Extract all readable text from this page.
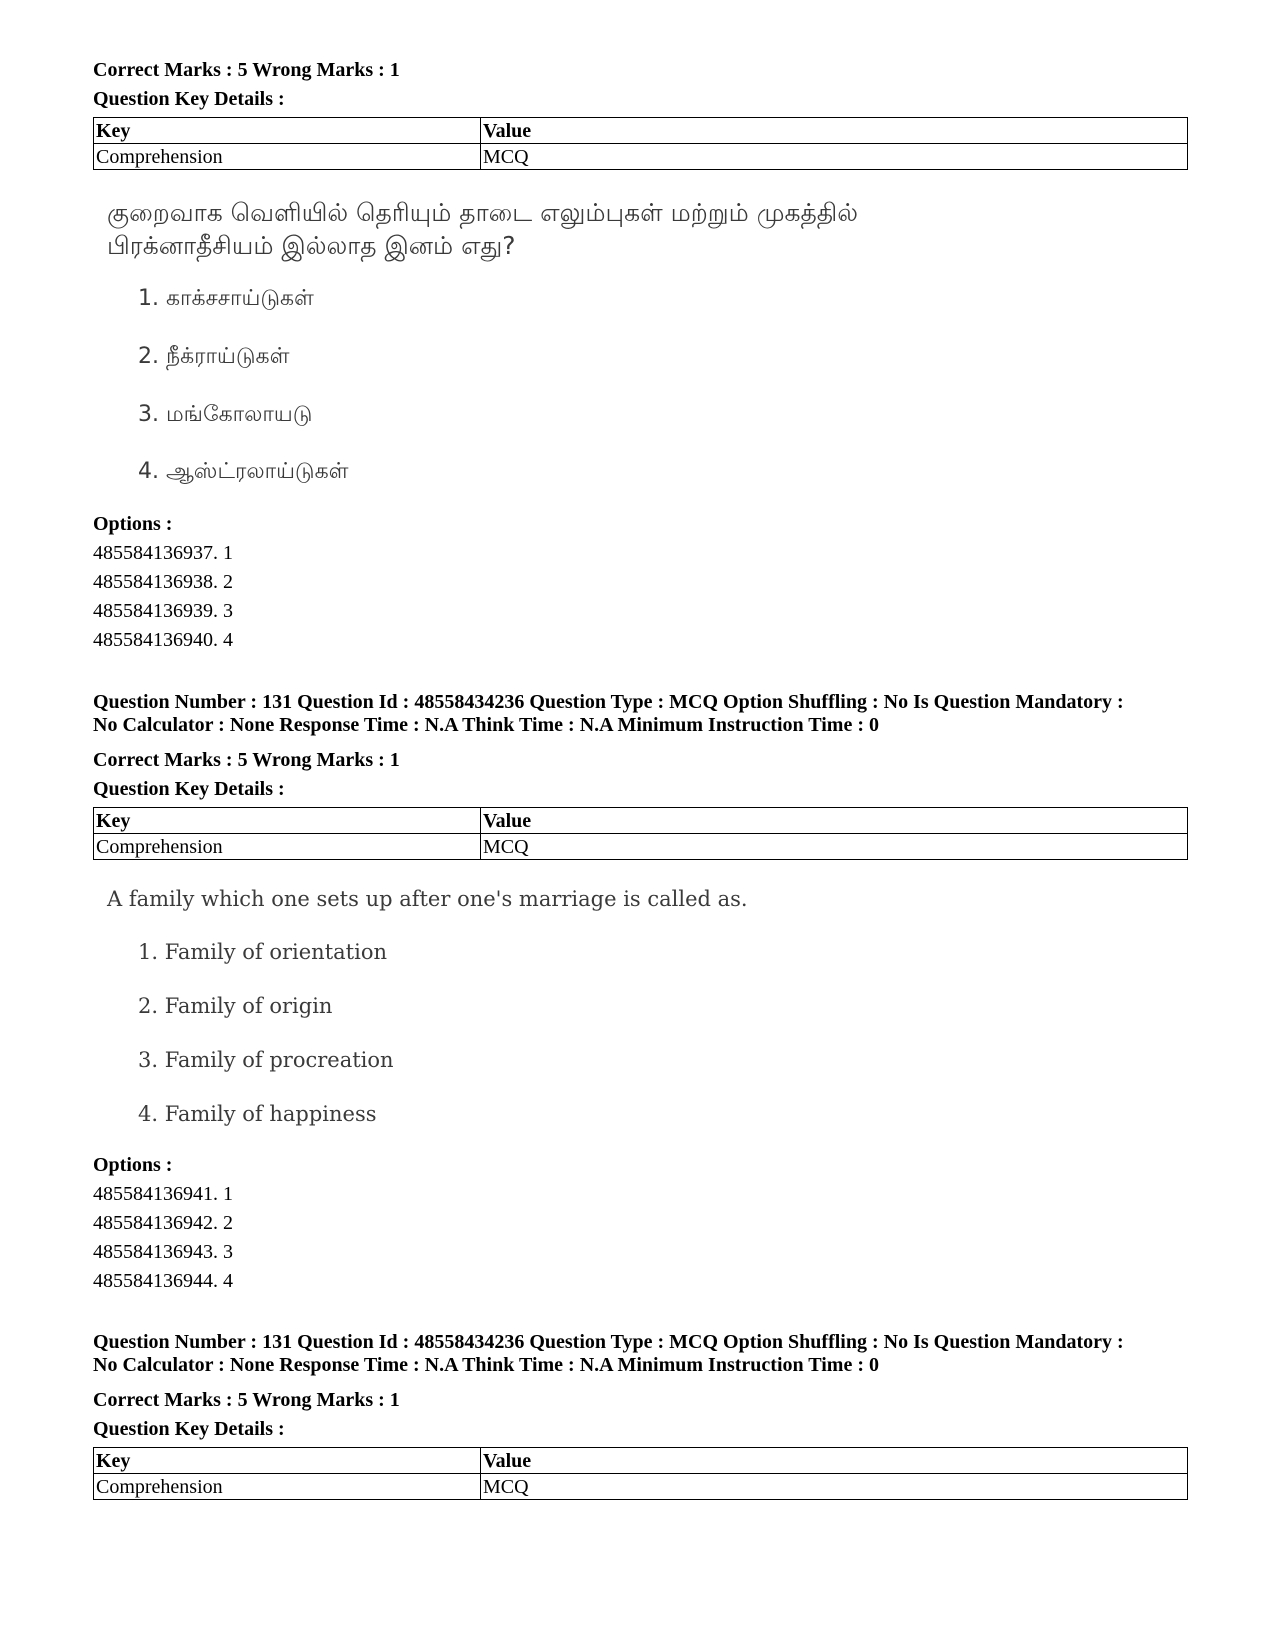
Correct Marks : 5 Wrong Marks : 1
Question Key Details :
Key	Value
Comprehension	MCQ
குறைவாக வெளியில் தெரியும் தாடை எலும்புகள் மற்றும் முகத்தில்
பிரக்னாதீசியம் இல்லாத இனம் எது?
1. காக்சசாய்டுகள்
2. நீக்ராய்டுகள்
3. மங்கோலாயடு
4. ஆஸ்ட்ரலாய்டுகள்
Options :
485584136937. 1
485584136938. 2
485584136939. 3
485584136940. 4
Question Number : 131 Question Id : 48558434236 Question Type : MCQ Option Shuffling : No Is Question Mandatory :
No Calculator : None Response Time : N.A Think Time : N.A Minimum Instruction Time : 0
Correct Marks : 5 Wrong Marks : 1
Question Key Details :
Key	Value
Comprehension	MCQ
A family which one sets up after one's marriage is called as.
1. Family of orientation
2. Family of origin
3. Family of procreation
4. Family of happiness
Options :
485584136941. 1
485584136942. 2
485584136943. 3
485584136944. 4
Question Number : 131 Question Id : 48558434236 Question Type : MCQ Option Shuffling : No Is Question Mandatory :
No Calculator : None Response Time : N.A Think Time : N.A Minimum Instruction Time : 0
Correct Marks : 5 Wrong Marks : 1
Question Key Details :
Key	Value
Comprehension	MCQ
